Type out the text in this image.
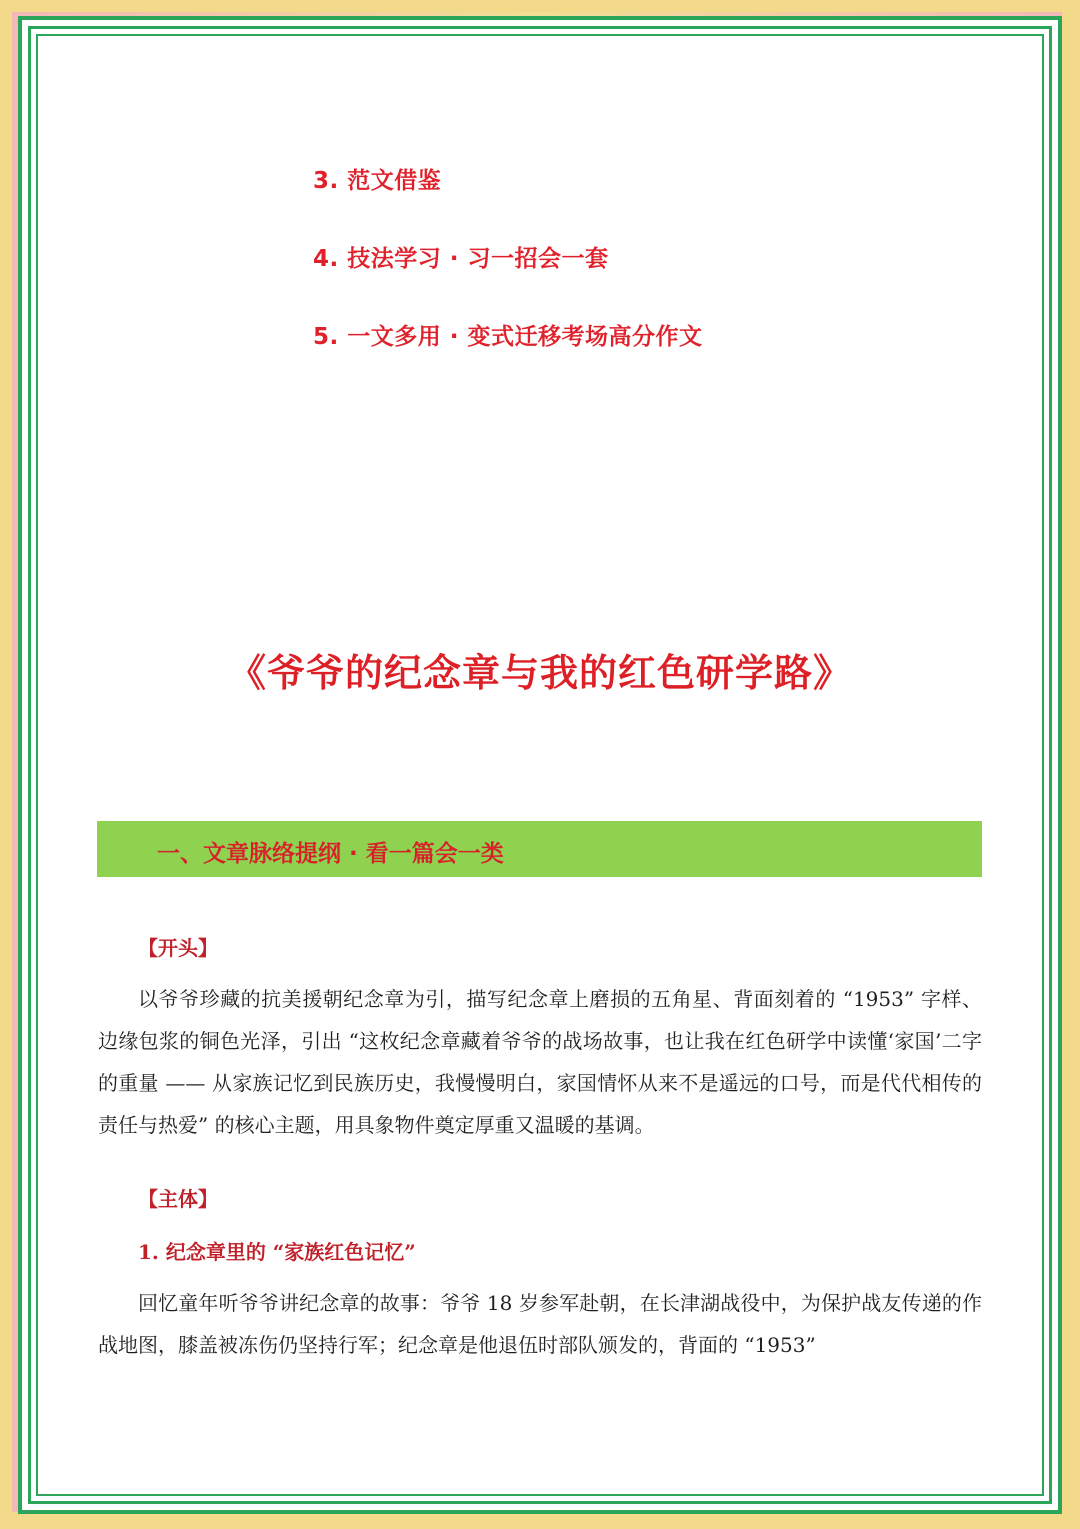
3. 范文借鉴
4. 技法学习 · 习一招会一套
5. 一文多用 · 变式迁移考场高分作文
《爷爷的纪念章与我的红色研学路》
一、文章脉络提纲 · 看一篇会一类
【开头】

以爷爷珍藏的抗美援朝纪念章为引，描写纪念章上磨损的五角星、背面刻着的 “1953” 字样、边缘包浆的铜色光泽，引出 “这枚纪念章藏着爷爷的战场故事，也让我在红色研学中读懂‘家国’二字的重量 —— 从家族记忆到民族历史，我慢慢明白，家国情怀从来不是遥远的口号，而是代代相传的责任与热爱” 的核心主题，用具象物件奠定厚重又温暖的基调。

【主体】
1. 纪念章里的 “家族红色记忆”

回忆童年听爷爷讲纪念章的故事：爷爷 18 岁参军赴朝，在长津湖战役中，为保护战友传递的作战地图，膝盖被冻伤仍坚持行军；纪念章是他退伍时部队颁发的，背面的 “1953”
